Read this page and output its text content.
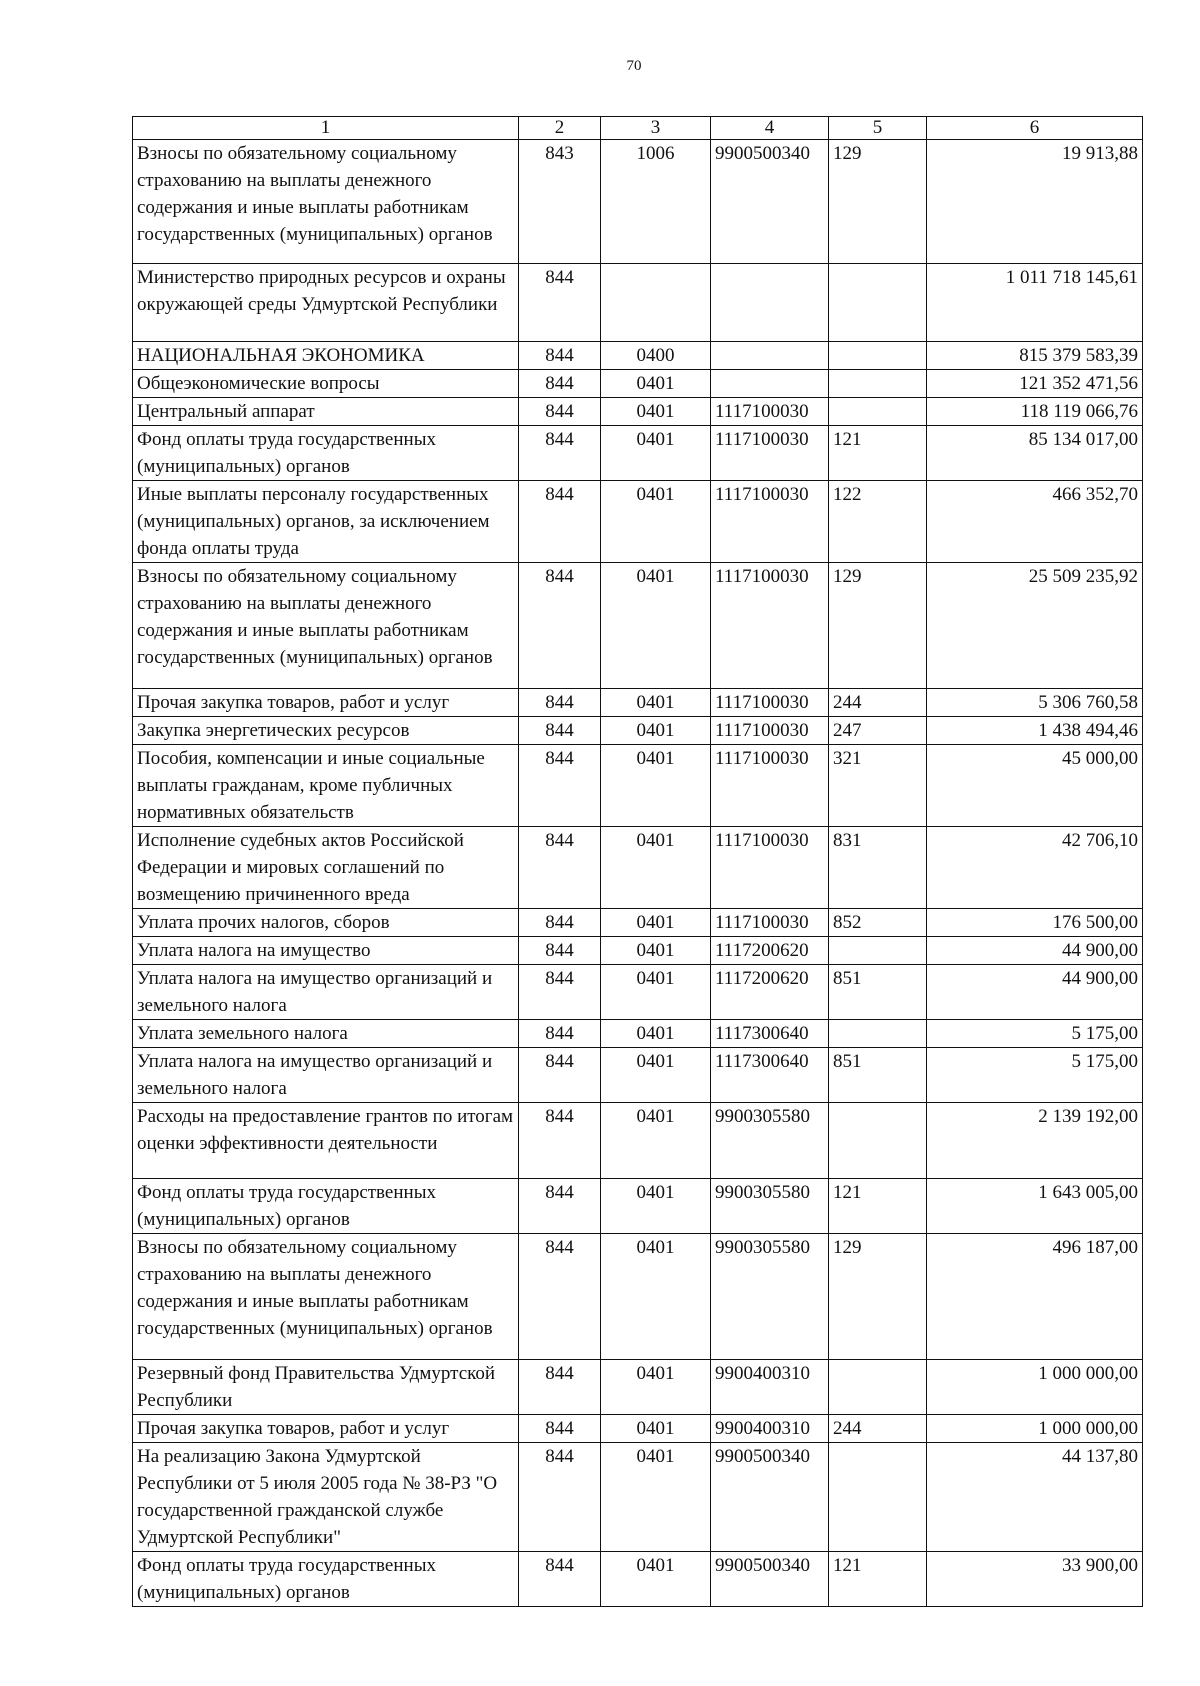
70
1	2	3	4	5	6
Взносы по обязательному социальному страхованию на выплаты денежного содержания и иные выплаты работникам государственных (муниципальных) органов	843	1006	9900500340	129	19 913,88
Министерство природных ресурсов и охраны окружающей среды Удмуртской Республики	844				1 011 718 145,61
НАЦИОНАЛЬНАЯ ЭКОНОМИКА	844	0400			815 379 583,39
Общеэкономические вопросы	844	0401			121 352 471,56
Центральный аппарат	844	0401	1117100030		118 119 066,76
Фонд оплаты труда государственных (муниципальных) органов	844	0401	1117100030	121	85 134 017,00
Иные выплаты персоналу государственных (муниципальных) органов, за исключением фонда оплаты труда	844	0401	1117100030	122	466 352,70
Взносы по обязательному социальному страхованию на выплаты денежного содержания и иные выплаты работникам государственных (муниципальных) органов	844	0401	1117100030	129	25 509 235,92
Прочая закупка товаров, работ и услуг	844	0401	1117100030	244	5 306 760,58
Закупка энергетических ресурсов	844	0401	1117100030	247	1 438 494,46
Пособия, компенсации и иные социальные выплаты гражданам, кроме публичных нормативных обязательств	844	0401	1117100030	321	45 000,00
Исполнение судебных актов Российской Федерации и мировых соглашений по возмещению причиненного вреда	844	0401	1117100030	831	42 706,10
Уплата прочих налогов, сборов	844	0401	1117100030	852	176 500,00
Уплата налога на имущество	844	0401	1117200620		44 900,00
Уплата налога на имущество организаций и земельного налога	844	0401	1117200620	851	44 900,00
Уплата земельного налога	844	0401	1117300640		5 175,00
Уплата налога на имущество организаций и земельного налога	844	0401	1117300640	851	5 175,00
Расходы на предоставление грантов по итогам оценки эффективности деятельности	844	0401	9900305580		2 139 192,00
Фонд оплаты труда государственных (муниципальных) органов	844	0401	9900305580	121	1 643 005,00
Взносы по обязательному социальному страхованию на выплаты денежного содержания и иные выплаты работникам государственных (муниципальных) органов	844	0401	9900305580	129	496 187,00
Резервный фонд Правительства Удмуртской Республики	844	0401	9900400310		1 000 000,00
Прочая закупка товаров, работ и услуг	844	0401	9900400310	244	1 000 000,00
На реализацию Закона Удмуртской Республики от 5 июля 2005 года № 38-РЗ "О государственной гражданской службе Удмуртской Республики"	844	0401	9900500340		44 137,80
Фонд оплаты труда государственных (муниципальных) органов	844	0401	9900500340	121	33 900,00
